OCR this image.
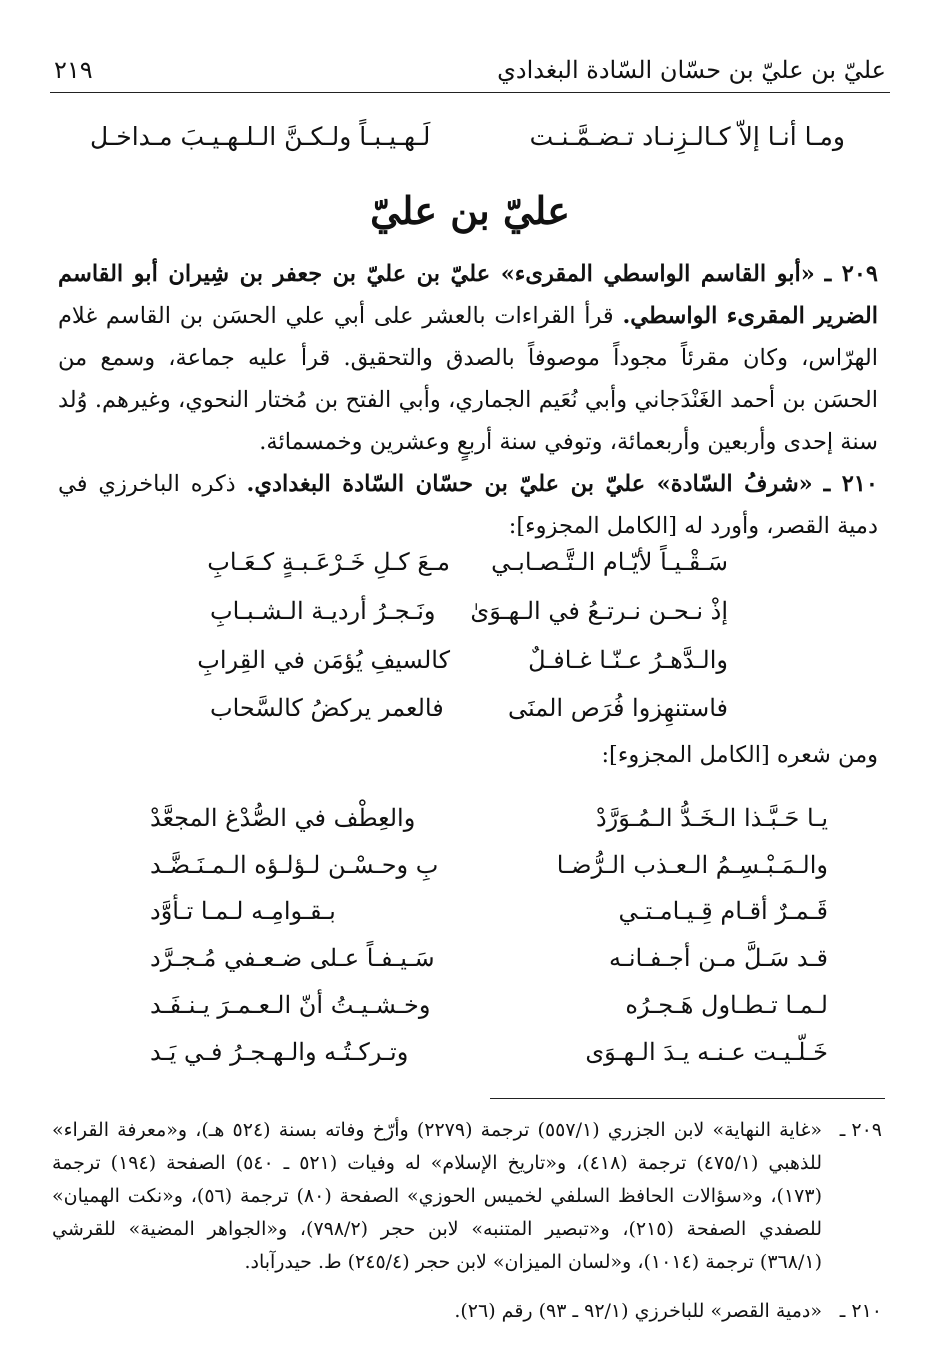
عليّ بن عليّ بن حسّان السّادة البغدادي
٢١٩
ومـا أنـا إلاّ كـالـزِنـاد تـضـمَّـنـت
لَـهـيـبـاً ولـكـنَّ الـلـهـيـبَ مـداخـل
عليّ بن عليّ
٢٠٩ ـ «أبو القاسم الواسطي المقرىء» عليّ بن عليّ بن جعفر بن شِيران أبو القاسم الضرير المقرىء الواسطي. قرأ القراءات بالعشر على أبي علي الحسَن بن القاسم غلام الهرّاس، وكان مقرئاً مجوداً موصوفاً بالصدق والتحقيق. قرأ عليه جماعة، وسمع من الحسَن بن أحمد الغَنْدَجاني وأبي نُعَيم الجماري، وأبي الفتح بن مُختار النحوي، وغيرهم. وُلد سنة إحدى وأربعين وأربعمائة، وتوفي سنة أربعٍ وعشرين وخمسمائة.
٢١٠ ـ «شرفُ السّادة» عليّ بن عليّ بن حسّان السّادة البغدادي. ذكره الباخرزي في دمية القصر، وأورد له [الكامل المجزوء]:
سَـقْـيـاً لأيّـام الـتَّـصـابـي
مـعَ كـلِ خَـرْعَـبـةٍ كـعَـابِ
إذْ نـحـن نـرتـعُ في الـهـوَىٰ
ونَـجـرُ أرديـة الـشـبـابِ
والـدَّهـرُ عـنّـا غـافـلٌ
كالسيفِ يُؤمَن في القِرابِ
فاستنهِزوا فُرَص المنَى
فالعمر يركضُ كالسَّحاب
ومن شعره [الكامل المجزوء]:
يـا حَـبَّـذا الـخَـدُّ الـمُـوَرَّدْ
والعِطْف في الصُّدْغ المجعَّدْ
والـمَـبْـسِـمُ الـعـذب الـرُّضـا
بِ وحـسْـن لـؤلـؤه الـمـنَـضَّـد
قَـمـرٌ أقـام قِـيـامـتـي
بـقـوامِـه لـمـا تـأوَّد
قـد سَـلَّ مـن أجـفـانـه
سَـيـفـاً عـلى ضـعـفي مُـجـرَّد
لـمـا تـطـاول هَـجـرُه
وخـشـيـتُ أنّ الـعـمـرَ يـنـفَـد
خَـلّـيـت عـنـه يـدَ الـهـوَى
وتـركـتُـه والـهـجـرُ فـي يَـد
٢٠٩ ـ
«غاية النهاية» لابن الجزري (٥٥٧/١) ترجمة (٢٢٧٩) وأرّخ وفاته بسنة (٥٢٤ هـ)، و«معرفة القراء» للذهبي (٤٧٥/١) ترجمة (٤١٨)، و«تاريخ الإسلام» له وفيات (٥٢١ ـ ٥٤٠) الصفحة (١٩٤) ترجمة (١٧٣)، و«سؤالات الحافظ السلفي لخميس الحوزي» الصفحة (٨٠) ترجمة (٥٦)، و«نكت الهميان» للصفدي الصفحة (٢١٥)، و«تبصير المتنبه» لابن حجر (٧٩٨/٢)، و«الجواهر المضية» للقرشي (٣٦٨/١) ترجمة (١٠١٤)، و«لسان الميزان» لابن حجر (٢٤٥/٤) ط. حيدرآباد.
٢١٠ ـ
«دمية القصر» للباخرزي (٩٢/١ ـ ٩٣) رقم (٢٦).
